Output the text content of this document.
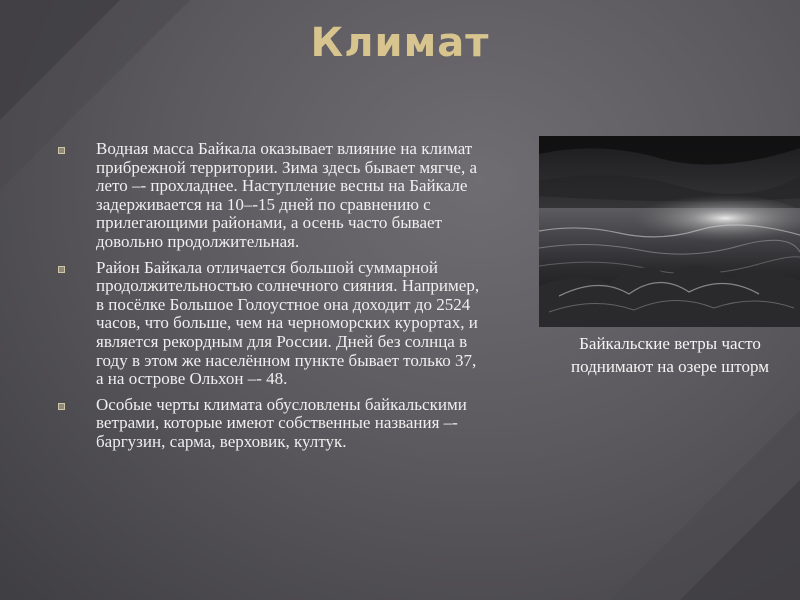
Климат
Водная масса Байкала оказывает влияние на климат прибрежной территории. Зима здесь бывает мягче, а лето –- прохладнее. Наступление весны на Байкале задерживается на 10–-15 дней по сравнению с прилегающими районами, а осень часто бывает довольно продолжительная.
Район Байкала отличается большой суммарной продолжительностью солнечного сияния. Например, в посёлке Большое Голоустное она доходит до 2524 часов, что больше, чем на черноморских курортах, и является рекордным для России. Дней без солнца в году в этом же населённом пункте бывает только 37, а на острове Ольхон –- 48.
Особые черты климата обусловлены байкальскими ветрами, которые имеют собственные названия –- баргузин, сарма, верховик, култук.
Байкальские ветры часто поднимают на озере шторм
